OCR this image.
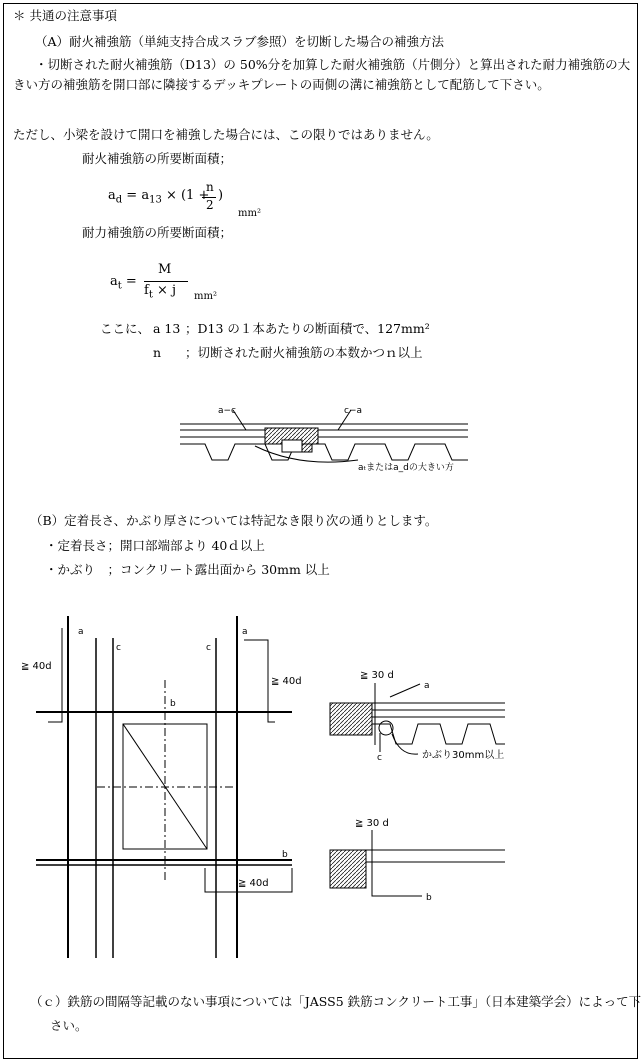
＊ 共通の注意事項
（A）耐火補強筋（単純支持合成スラブ参照）を切断した場合の補強方法
・切断された耐火補強筋（D13）の 50%分を加算した耐火補強筋（片側分）と算出された耐力補強筋の大きい方の補強筋を開口部に隣接するデッキプレートの両側の溝に補強筋として配筋して下さい。
ただし、小梁を設けて開口を補強した場合には、この限りではありません。
耐火補強筋の所要断面積；
$a_d = a_{13} \times (1$ +
n
2
)
mm²
耐力補強筋の所要断面積；
$a_t$ =
M
$f_t \times j$ mm²
ここに、 a 13 ；D13 の１本あたりの断面積で、127mm²
n ；切断された耐火補強筋の本数かつｎ以上
a−c	c−a
aₜまたはa_dの大きい方
（B）定着長さ、かぶり厚さについては特記なき限り次の通りとします。
・定着長さ；開口部端部より 40ｄ以上
・かぶり　；コンクリート露出面から 30mm 以上
a	a
c	c
b
b
≧ 40d
≧ 40d
≧ 40d
≧ 30 d
a
c	かぶり30mm以上
≧ 30 d
b
（ｃ）鉄筋の間隔等記載のない事項については「JASS5 鉄筋コンクリート工事」（日本建築学会）によって下さい。
